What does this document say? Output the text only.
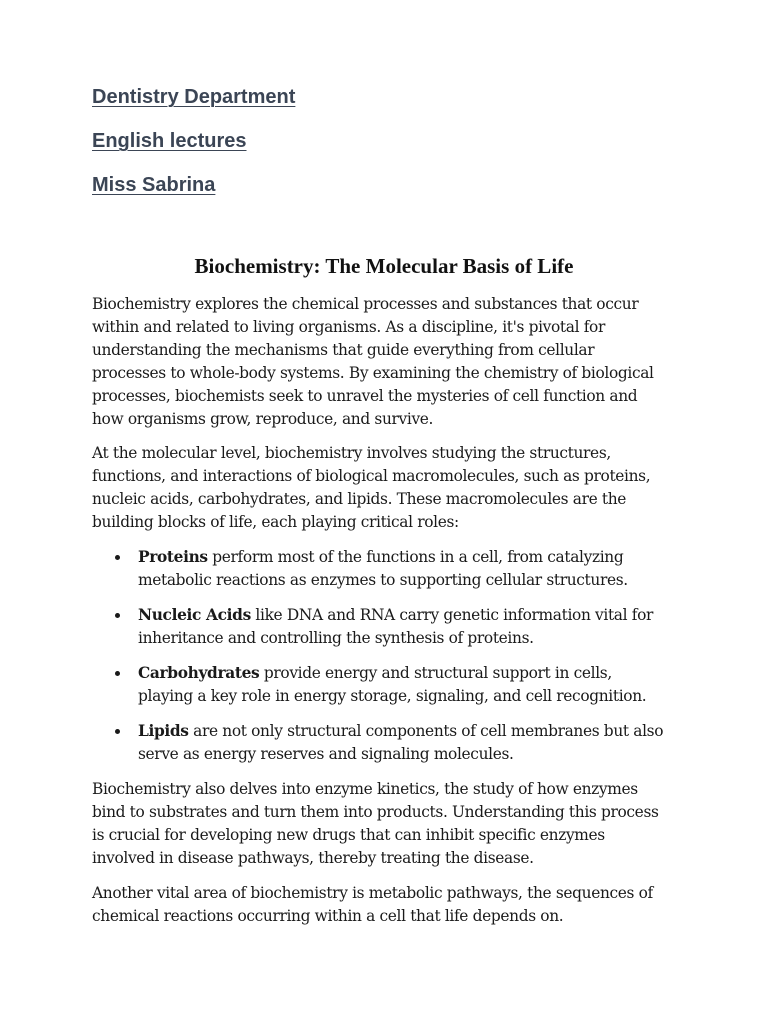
Dentistry Department
English lectures
Miss Sabrina
Biochemistry: The Molecular Basis of Life
Biochemistry explores the chemical processes and substances that occur
within and related to living organisms. As a discipline, it's pivotal for
understanding the mechanisms that guide everything from cellular
processes to whole-body systems. By examining the chemistry of biological
processes, biochemists seek to unravel the mysteries of cell function and
how organisms grow, reproduce, and survive.
At the molecular level, biochemistry involves studying the structures,
functions, and interactions of biological macromolecules, such as proteins,
nucleic acids, carbohydrates, and lipids. These macromolecules are the
building blocks of life, each playing critical roles:
Proteins perform most of the functions in a cell, from catalyzing
metabolic reactions as enzymes to supporting cellular structures.
Nucleic Acids like DNA and RNA carry genetic information vital for
inheritance and controlling the synthesis of proteins.
Carbohydrates provide energy and structural support in cells,
playing a key role in energy storage, signaling, and cell recognition.
Lipids are not only structural components of cell membranes but also
serve as energy reserves and signaling molecules.
Biochemistry also delves into enzyme kinetics, the study of how enzymes
bind to substrates and turn them into products. Understanding this process
is crucial for developing new drugs that can inhibit specific enzymes
involved in disease pathways, thereby treating the disease.
Another vital area of biochemistry is metabolic pathways, the sequences of
chemical reactions occurring within a cell that life depends on.
